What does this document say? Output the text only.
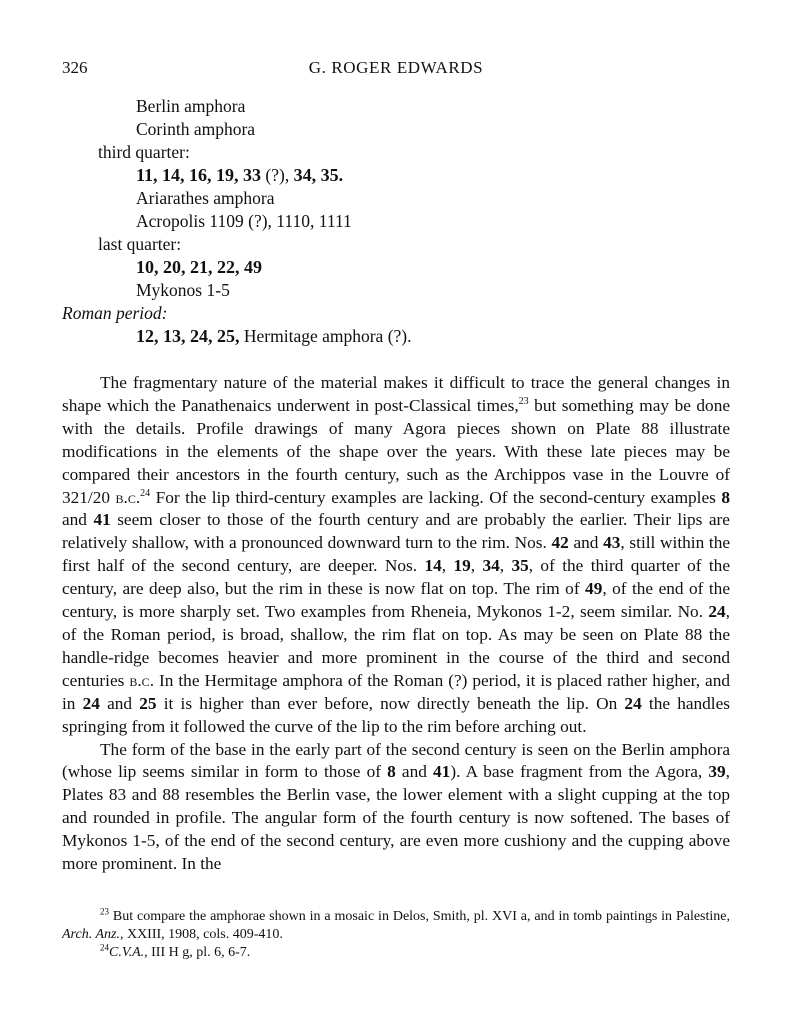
326	G. ROGER EDWARDS
Berlin amphora
Corinth amphora
third quarter:
11, 14, 16, 19, 33 (?), 34, 35.
Ariarathes amphora
Acropolis 1109 (?), 1110, 1111
last quarter:
10, 20, 21, 22, 49
Mykonos 1-5
Roman period:
12, 13, 24, 25, Hermitage amphora (?).

The fragmentary nature of the material makes it difficult to trace the general changes in shape which the Panathenaics underwent in post-Classical times,$^{23}$ but something may be done with the details. Profile drawings of many Agora pieces shown on Plate 88 illustrate modifications in the elements of the shape over the years. With these late pieces may be compared their ancestors in the fourth century, such as the Archippos vase in the Louvre of 321/20 b.c.$^{24}$ For the lip third-century examples are lacking. Of the second-century examples 8 and 41 seem closer to those of the fourth century and are probably the earlier. Their lips are relatively shallow, with a pronounced downward turn to the rim. Nos. 42 and 43, still within the first half of the second century, are deeper. Nos. 14, 19, 34, 35, of the third quarter of the century, are deep also, but the rim in these is now flat on top. The rim of 49, of the end of the century, is more sharply set. Two examples from Rheneia, Mykonos 1-2, seem similar. No. 24, of the Roman period, is broad, shallow, the rim flat on top. As may be seen on Plate 88 the handle-ridge becomes heavier and more prominent in the course of the third and second centuries b.c. In the Hermitage amphora of the Roman (?) period, it is placed rather higher, and in 24 and 25 it is higher than ever before, now directly beneath the lip. On 24 the handles springing from it followed the curve of the lip to the rim before arching out.

The form of the base in the early part of the second century is seen on the Berlin amphora (whose lip seems similar in form to those of 8 and 41). A base fragment from the Agora, 39, Plates 83 and 88 resembles the Berlin vase, the lower element with a slight cupping at the top and rounded in profile. The angular form of the fourth century is now softened. The bases of Mykonos 1-5, of the end of the second century, are even more cushiony and the cupping above more prominent. In the

$^{23}$ But compare the amphorae shown in a mosaic in Delos, Smith, pl. XVI a, and in tomb paintings in Palestine, Arch. Anz., XXIII, 1908, cols. 409-410.

$^{24}$C.V.A., III H g, pl. 6, 6-7.
